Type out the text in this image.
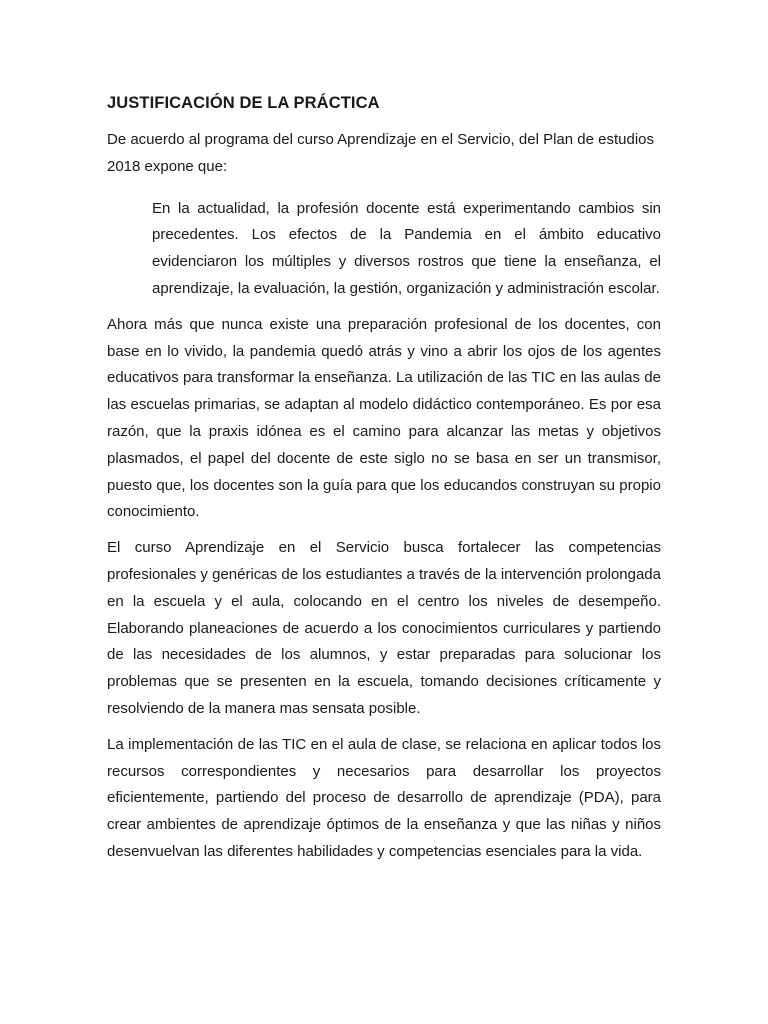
JUSTIFICACIÓN DE LA PRÁCTICA

De acuerdo al programa del curso Aprendizaje en el Servicio, del Plan de estudios 2018 expone que:

En la actualidad, la profesión docente está experimentando cambios sin precedentes. Los efectos de la Pandemia en el ámbito educativo evidenciaron los múltiples y diversos rostros que tiene la enseñanza, el aprendizaje, la evaluación, la gestión, organización y administración escolar.

Ahora más que nunca existe una preparación profesional de los docentes, con base en lo vivido, la pandemia quedó atrás y vino a abrir los ojos de los agentes educativos para transformar la enseñanza. La utilización de las TIC en las aulas de las escuelas primarias, se adaptan al modelo didáctico contemporáneo. Es por esa razón, que la praxis idónea es el camino para alcanzar las metas y objetivos plasmados, el papel del docente de este siglo no se basa en ser un transmisor, puesto que, los docentes son la guía para que los educandos construyan su propio conocimiento.

El curso Aprendizaje en el Servicio busca fortalecer las competencias profesionales y genéricas de los estudiantes a través de la intervención prolongada en la escuela y el aula, colocando en el centro los niveles de desempeño. Elaborando planeaciones de acuerdo a los conocimientos curriculares y partiendo de las necesidades de los alumnos, y estar preparadas para solucionar los problemas que se presenten en la escuela, tomando decisiones críticamente y resolviendo de la manera mas sensata posible.

La implementación de las TIC en el aula de clase, se relaciona en aplicar todos los recursos correspondientes y necesarios para desarrollar los proyectos eficientemente, partiendo del proceso de desarrollo de aprendizaje (PDA), para crear ambientes de aprendizaje óptimos de la enseñanza y que las niñas y niños desenvuelvan las diferentes habilidades y competencias esenciales para la vida.
